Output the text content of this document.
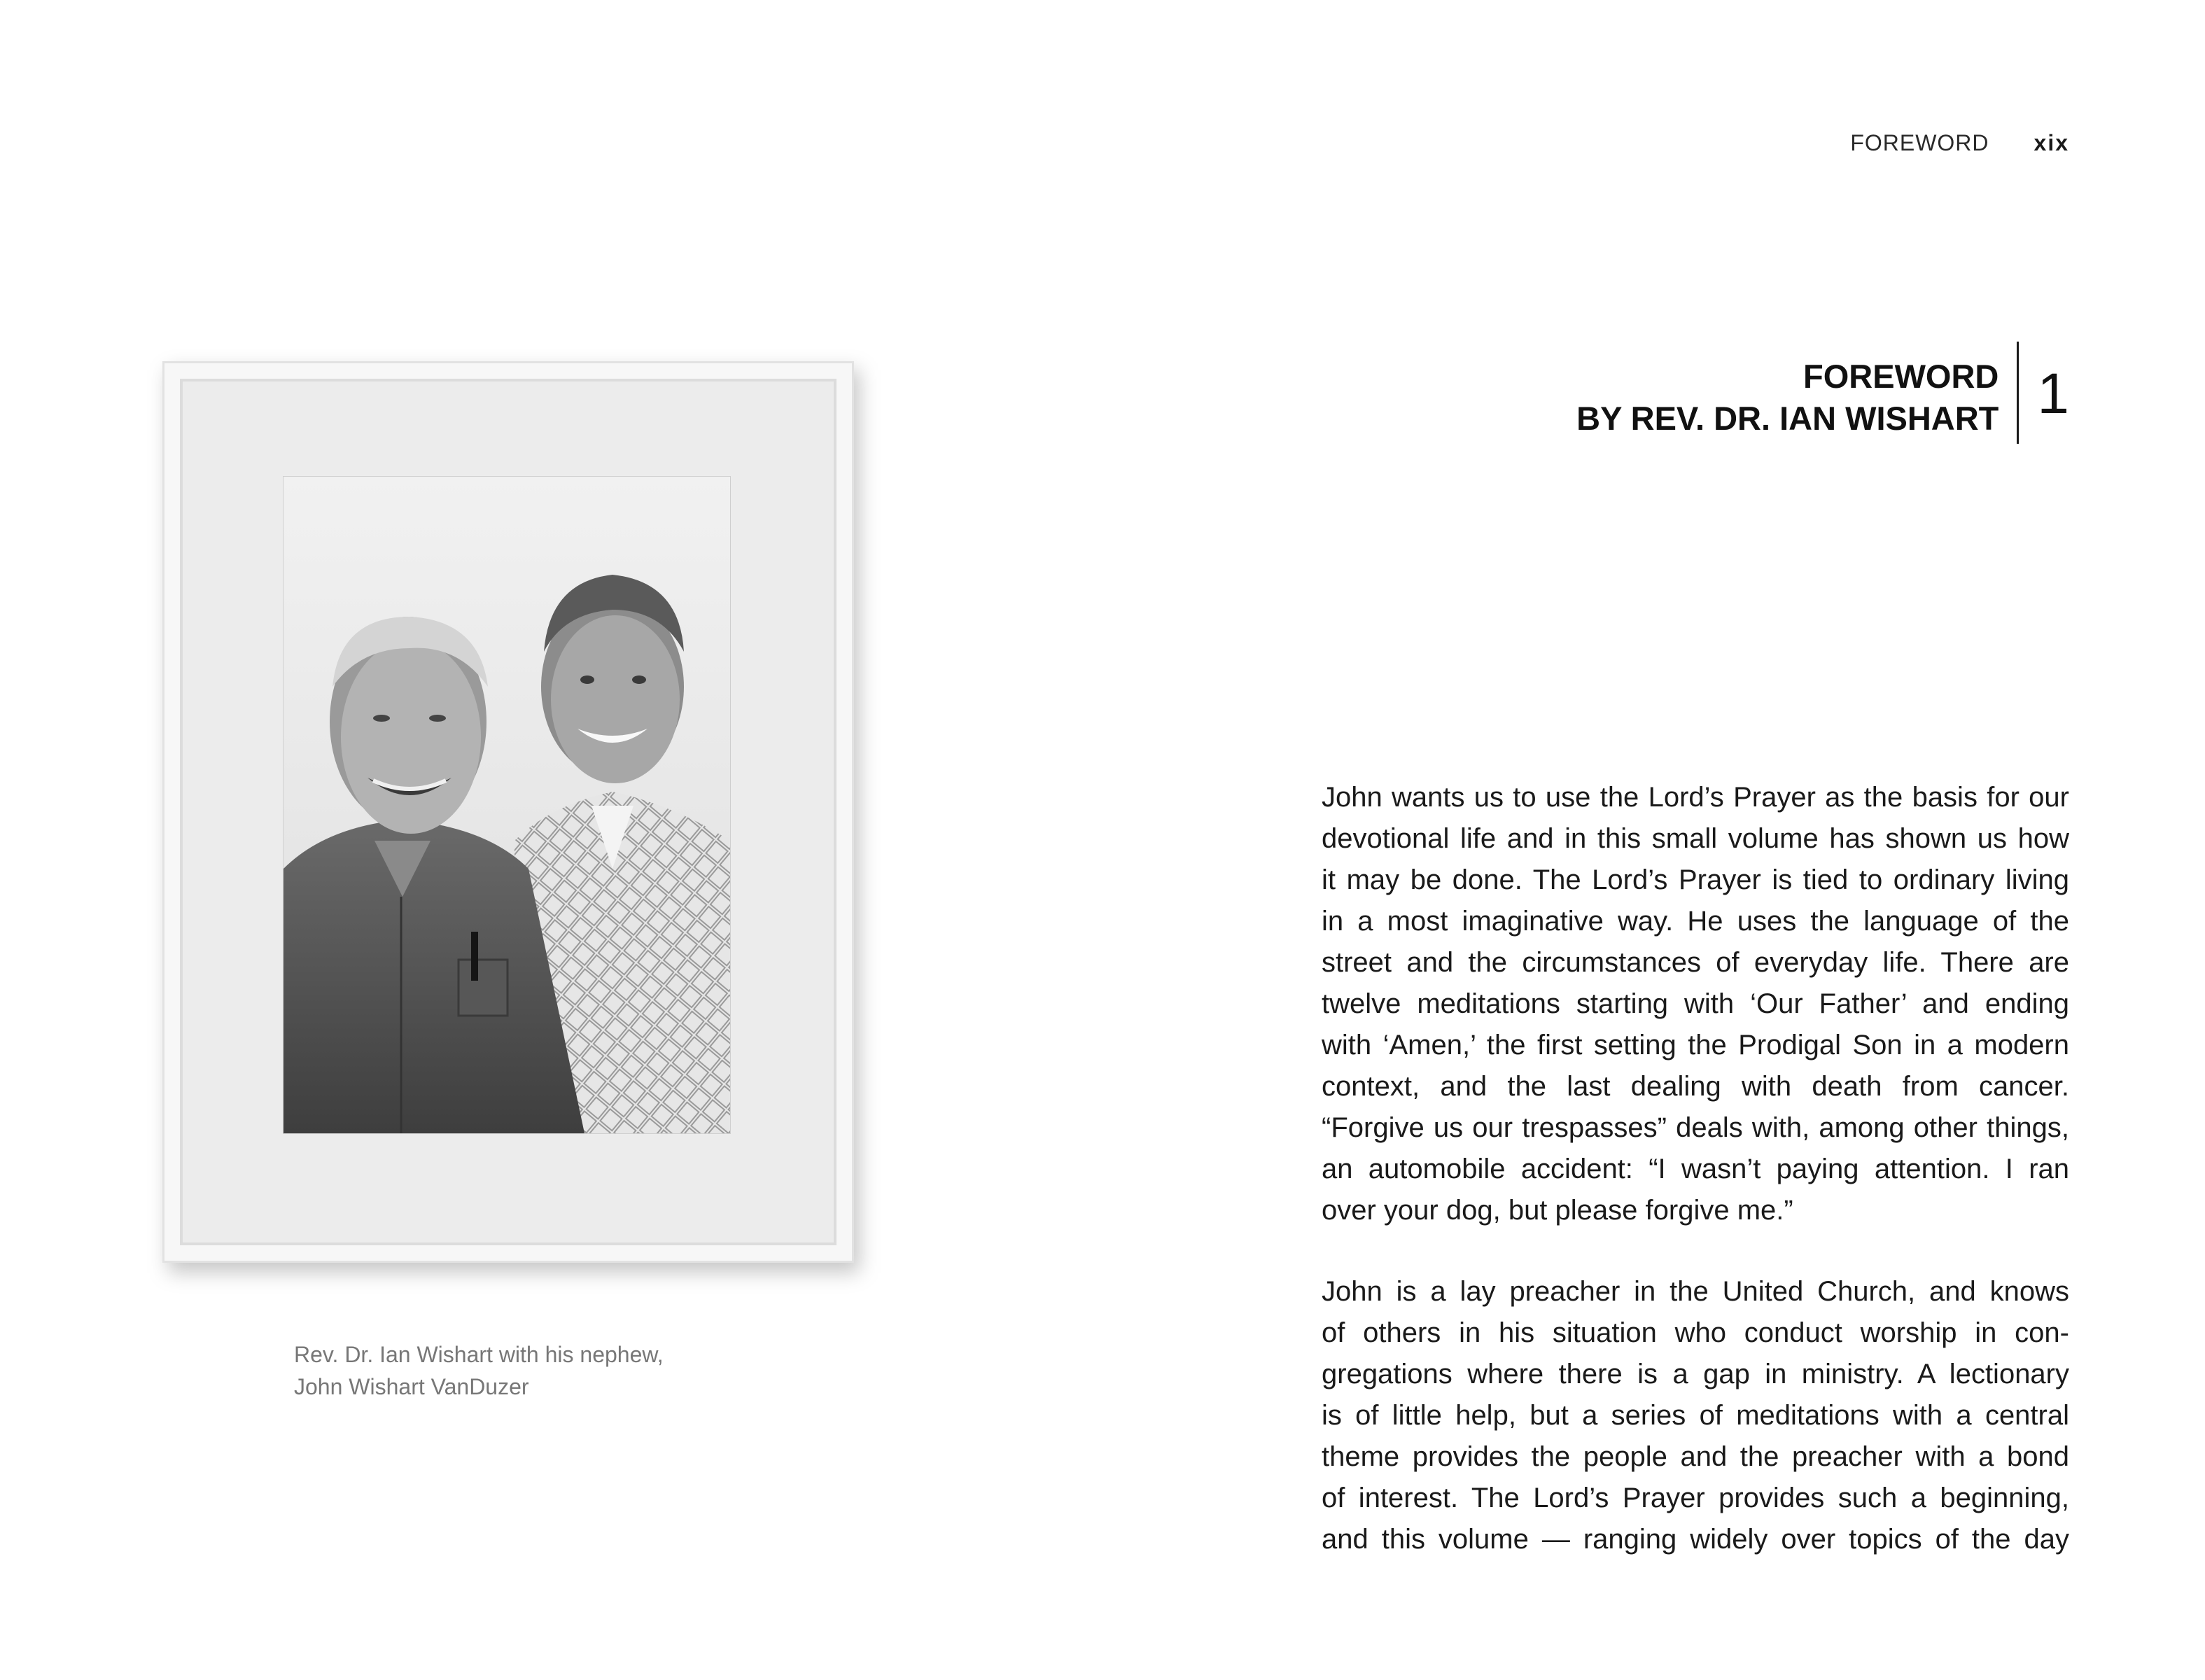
FOREWORD xix
FOREWORD
BY REV. DR. IAN WISHART 1
Rev. Dr. Ian Wishart with his nephew,
John Wishart VanDuzer
John wants us to use the Lord’s Prayer as the basis for our
devotional life and in this small volume has shown us how
it may be done. The Lord’s Prayer is tied to ordinary living
in a most imaginative way. He uses the language of the
street and the circumstances of everyday life. There are
twelve meditations starting with ‘Our Father’ and ending
with ‘Amen,’ the first setting the Prodigal Son in a modern
context, and the last dealing with death from cancer.
“Forgive us our trespasses” deals with, among other things,
an automobile accident: “I wasn’t paying attention. I ran
over your dog, but please forgive me.”
John is a lay preacher in the United Church, and knows
of others in his situation who conduct worship in con-
gregations where there is a gap in ministry. A lectionary
is of little help, but a series of meditations with a central
theme provides the people and the preacher with a bond
of interest. The Lord’s Prayer provides such a beginning,
and this volume — ranging widely over topics of the day
